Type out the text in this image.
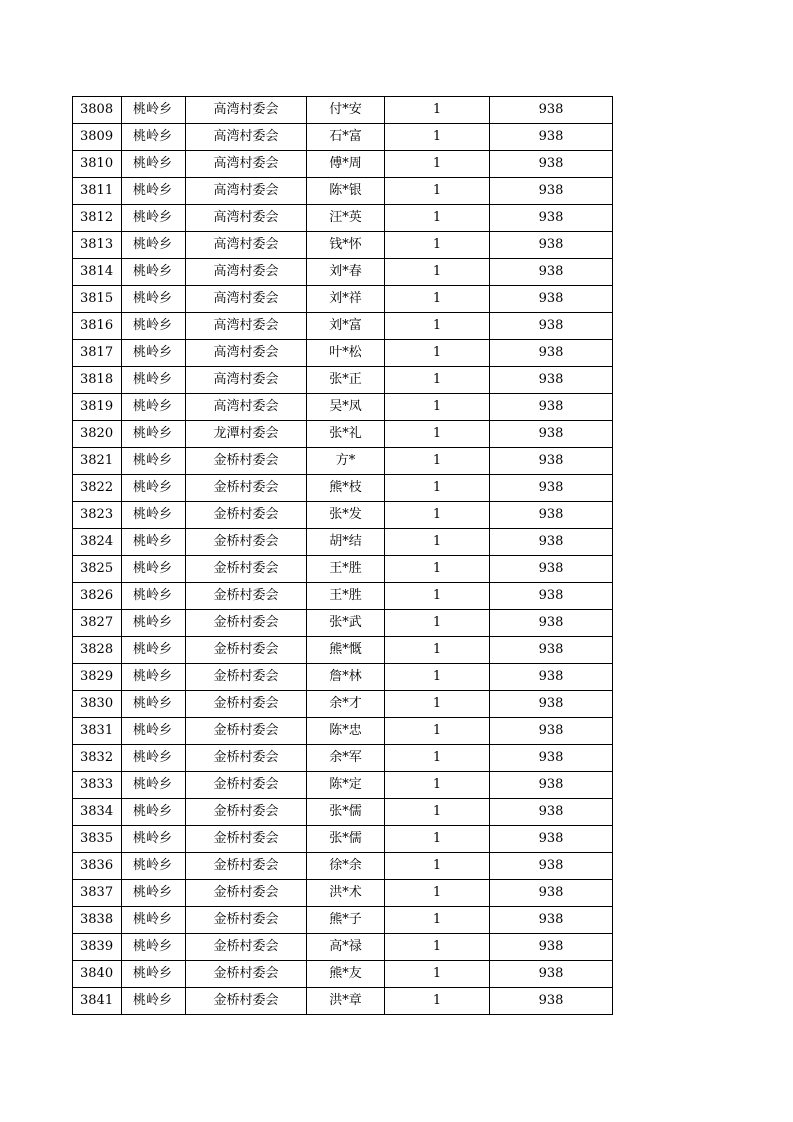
3808	桃岭乡	高湾村委会	付*安	1	938
3809	桃岭乡	高湾村委会	石*富	1	938
3810	桃岭乡	高湾村委会	傅*周	1	938
3811	桃岭乡	高湾村委会	陈*银	1	938
3812	桃岭乡	高湾村委会	汪*英	1	938
3813	桃岭乡	高湾村委会	钱*怀	1	938
3814	桃岭乡	高湾村委会	刘*春	1	938
3815	桃岭乡	高湾村委会	刘*祥	1	938
3816	桃岭乡	高湾村委会	刘*富	1	938
3817	桃岭乡	高湾村委会	叶*松	1	938
3818	桃岭乡	高湾村委会	张*正	1	938
3819	桃岭乡	高湾村委会	吴*凤	1	938
3820	桃岭乡	龙潭村委会	张*礼	1	938
3821	桃岭乡	金桥村委会	方*	1	938
3822	桃岭乡	金桥村委会	熊*枝	1	938
3823	桃岭乡	金桥村委会	张*发	1	938
3824	桃岭乡	金桥村委会	胡*结	1	938
3825	桃岭乡	金桥村委会	王*胜	1	938
3826	桃岭乡	金桥村委会	王*胜	1	938
3827	桃岭乡	金桥村委会	张*武	1	938
3828	桃岭乡	金桥村委会	熊*慨	1	938
3829	桃岭乡	金桥村委会	詹*林	1	938
3830	桃岭乡	金桥村委会	余*才	1	938
3831	桃岭乡	金桥村委会	陈*忠	1	938
3832	桃岭乡	金桥村委会	余*军	1	938
3833	桃岭乡	金桥村委会	陈*定	1	938
3834	桃岭乡	金桥村委会	张*儒	1	938
3835	桃岭乡	金桥村委会	张*儒	1	938
3836	桃岭乡	金桥村委会	徐*余	1	938
3837	桃岭乡	金桥村委会	洪*术	1	938
3838	桃岭乡	金桥村委会	熊*子	1	938
3839	桃岭乡	金桥村委会	高*禄	1	938
3840	桃岭乡	金桥村委会	熊*友	1	938
3841	桃岭乡	金桥村委会	洪*章	1	938
